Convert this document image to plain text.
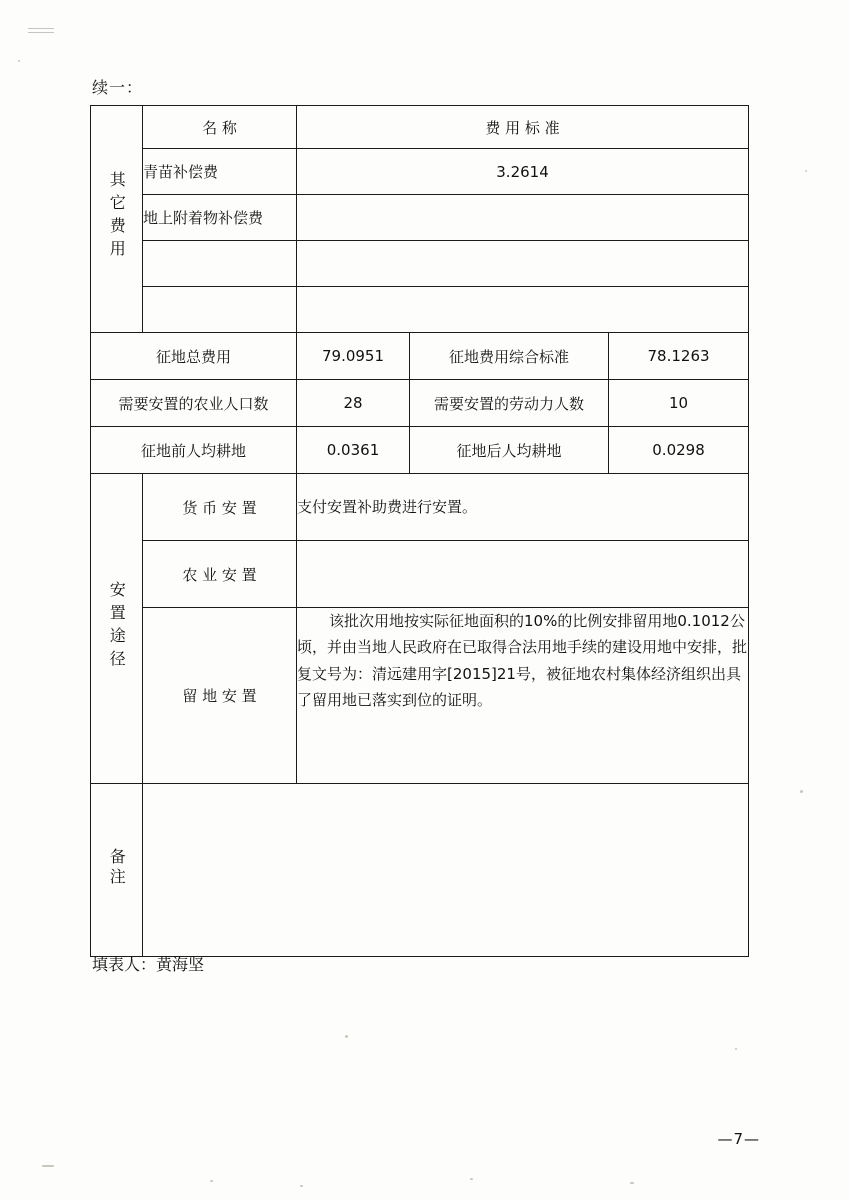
续一：
其它费用	名 称	费 用 标 准		
	青苗补偿费	3.2614		
	地上附着物补偿费			

征地总费用		79.0951	征地费用综合标准	78.1263
需要安置的农业人口数		28	需要安置的劳动力人数	10
征地前人均耕地		0.0361	征地后人均耕地	0.0298
安置途径	货 币 安 置	支付安置补助费进行安置。		
	农 业 安 置			
	留 地 安 置	该批次用地按实际征地面积的10%的比例安排留用地0.1012公顷，并由当地人民政府在已取得合法用地手续的建设用地中安排，批复文号为：清远建用字[2015]21号，被征地农村集体经济组织出具了留用地已落实到位的证明。		

备注				
填表人：黄海坚
—7—
